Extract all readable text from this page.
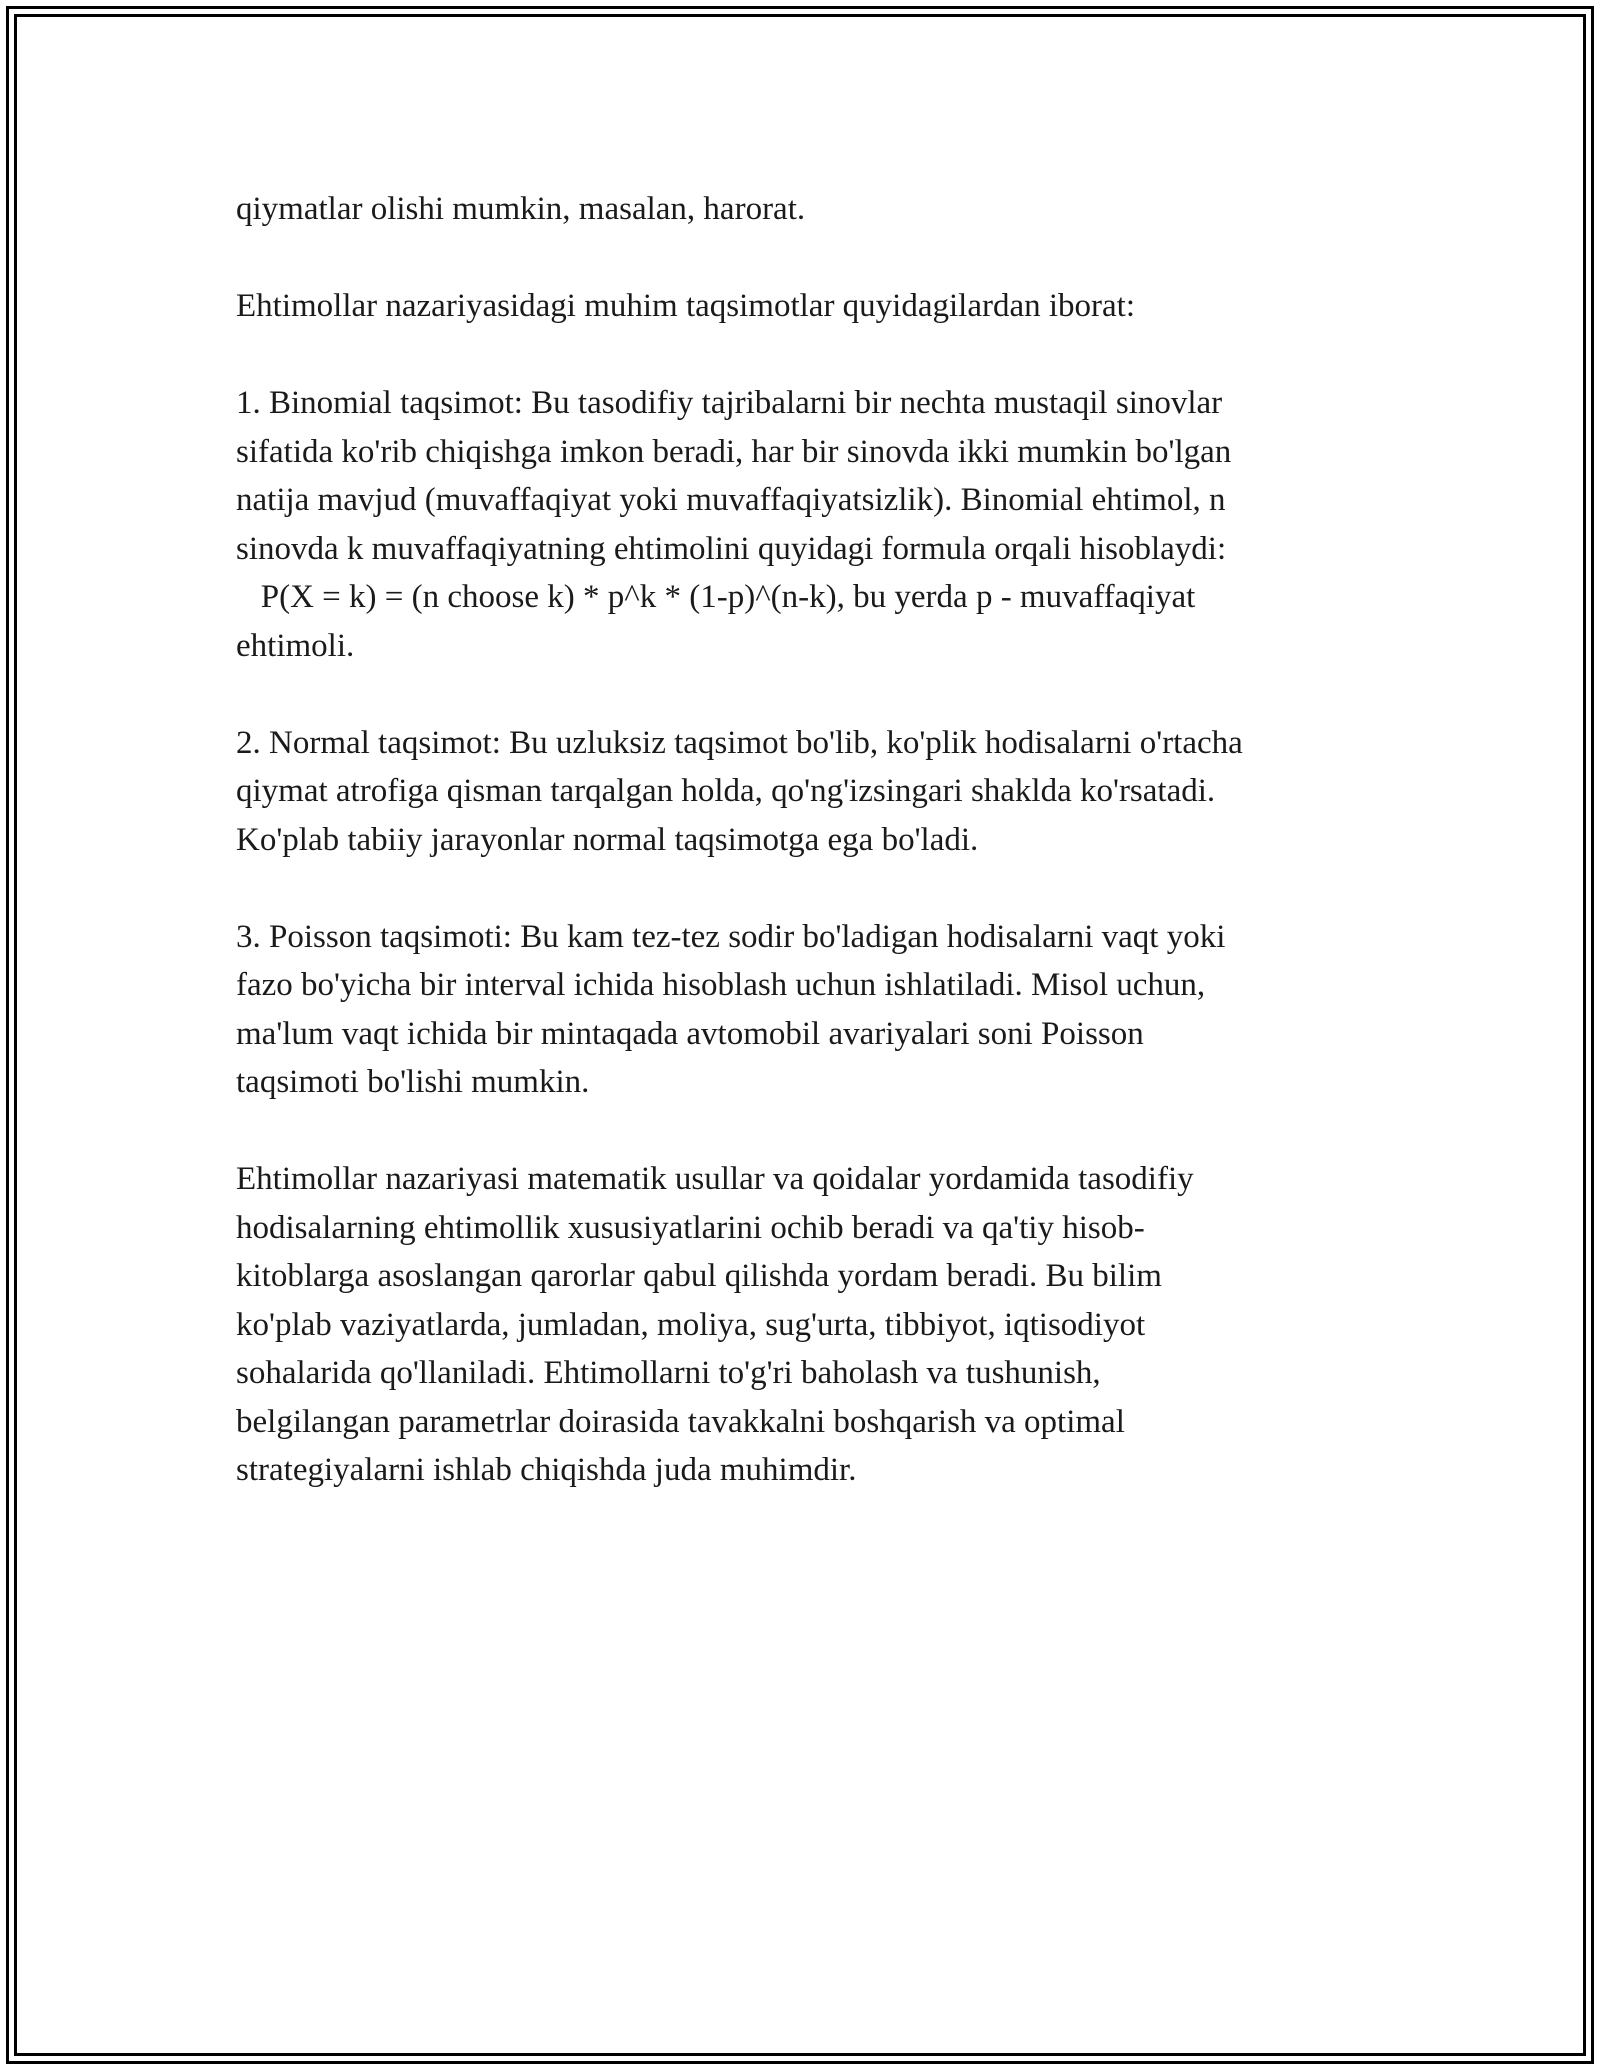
qiymatlar olishi mumkin, masalan, harorat.
Ehtimollar nazariyasidagi muhim taqsimotlar quyidagilardan iborat:
1. Binomial taqsimot: Bu tasodifiy tajribalarni bir nechta mustaqil sinovlar
sifatida ko'rib chiqishga imkon beradi, har bir sinovda ikki mumkin bo'lgan
natija mavjud (muvaffaqiyat yoki muvaffaqiyatsizlik). Binomial ehtimol, n
sinovda k muvaffaqiyatning ehtimolini quyidagi formula orqali hisoblaydi:
P(X = k) = (n choose k) * p^k * (1-p)^(n-k), bu yerda p - muvaffaqiyat
ehtimoli.
2. Normal taqsimot: Bu uzluksiz taqsimot bo'lib, ko'plik hodisalarni o'rtacha
qiymat atrofiga qisman tarqalgan holda, qo'ng'izsingari shaklda ko'rsatadi.
Ko'plab tabiiy jarayonlar normal taqsimotga ega bo'ladi.
3. Poisson taqsimoti: Bu kam tez-tez sodir bo'ladigan hodisalarni vaqt yoki
fazo bo'yicha bir interval ichida hisoblash uchun ishlatiladi. Misol uchun,
ma'lum vaqt ichida bir mintaqada avtomobil avariyalari soni Poisson
taqsimoti bo'lishi mumkin.
Ehtimollar nazariyasi matematik usullar va qoidalar yordamida tasodifiy
hodisalarning ehtimollik xususiyatlarini ochib beradi va qa'tiy hisob-
kitoblarga asoslangan qarorlar qabul qilishda yordam beradi. Bu bilim
ko'plab vaziyatlarda, jumladan, moliya, sug'urta, tibbiyot, iqtisodiyot
sohalarida qo'llaniladi. Ehtimollarni to'g'ri baholash va tushunish,
belgilangan parametrlar doirasida tavakkalni boshqarish va optimal
strategiyalarni ishlab chiqishda juda muhimdir.
